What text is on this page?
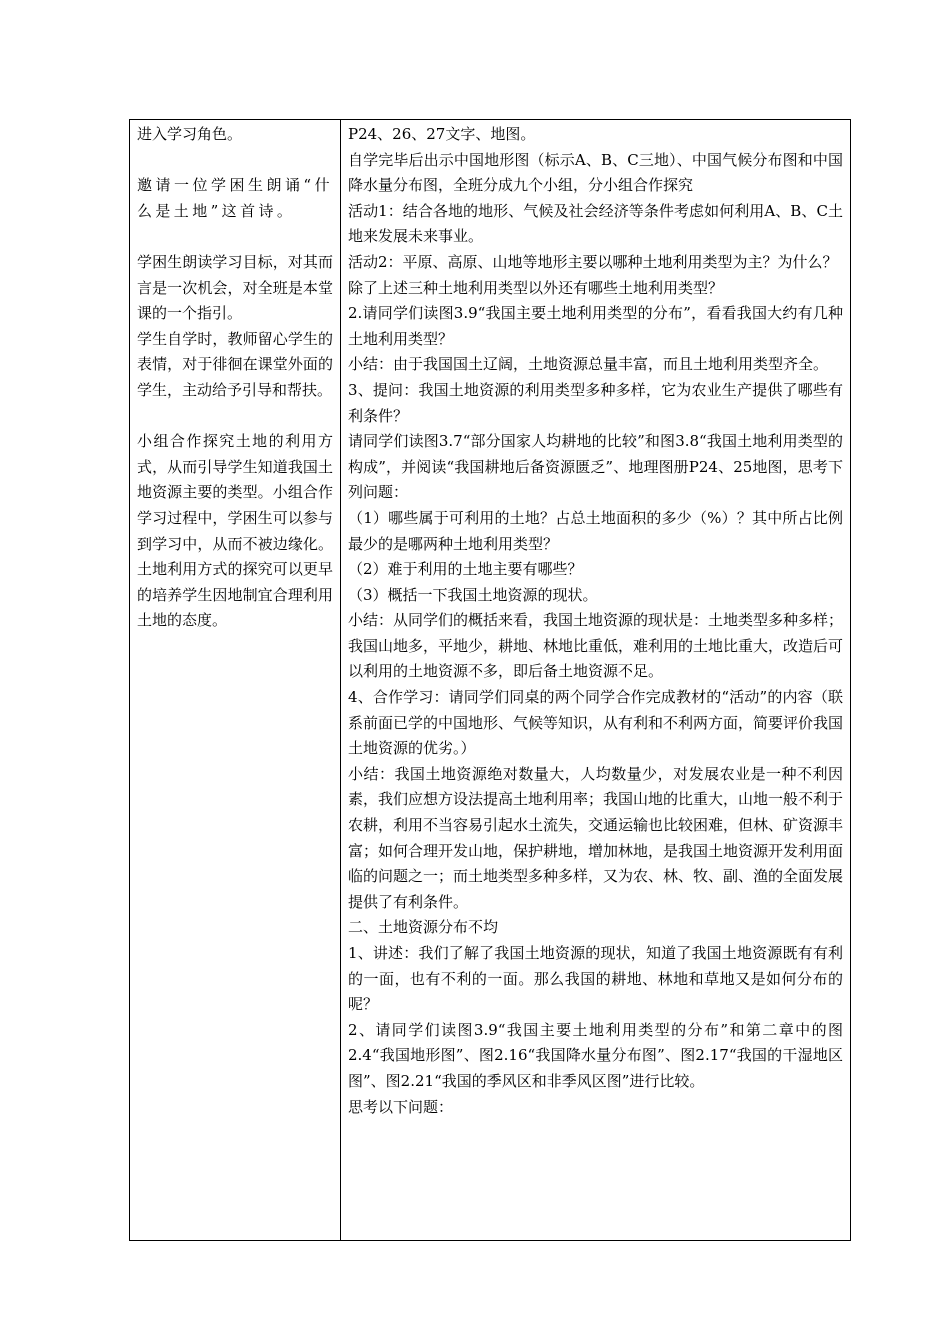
进入学习角色。

邀请一位学困生朗诵“什么是土地”这首诗。

学困生朗读学习目标，对其而言是一次机会，对全班是本堂课的一个指引。

学生自学时，教师留心学生的表情，对于徘徊在课堂外面的学生，主动给予引导和帮扶。

小组合作探究土地的利用方式，从而引导学生知道我国土地资源主要的类型。小组合作学习过程中，学困生可以参与到学习中，从而不被边缘化。土地利用方式的探究可以更早的培养学生因地制宜合理利用土地的态度。

P24、26、27文字、地图。

自学完毕后出示中国地形图（标示A、B、C三地）、中国气候分布图和中国降水量分布图，全班分成九个小组，分小组合作探究

活动1：结合各地的地形、气候及社会经济等条件考虑如何利用A、B、C土地来发展未来事业。

活动2：平原、高原、山地等地形主要以哪种土地利用类型为主？为什么？

除了上述三种土地利用类型以外还有哪些土地利用类型？

2.请同学们读图3.9“我国主要土地利用类型的分布”，看看我国大约有几种土地利用类型？

小结：由于我国国土辽阔，土地资源总量丰富，而且土地利用类型齐全。

3、提问：我国土地资源的利用类型多种多样，它为农业生产提供了哪些有利条件？

请同学们读图3.7“部分国家人均耕地的比较”和图3.8“我国土地利用类型的构成”，并阅读“我国耕地后备资源匮乏”、地理图册P24、25地图，思考下列问题：

（1）哪些属于可利用的土地？占总土地面积的多少（%）？其中所占比例最少的是哪两种土地利用类型？

（2）难于利用的土地主要有哪些？

（3）概括一下我国土地资源的现状。

小结：从同学们的概括来看，我国土地资源的现状是：土地类型多种多样；我国山地多，平地少，耕地、林地比重低，难利用的土地比重大，改造后可以利用的土地资源不多，即后备土地资源不足。

4、合作学习：请同学们同桌的两个同学合作完成教材的“活动”的内容（联系前面已学的中国地形、气候等知识，从有利和不利两方面，简要评价我国土地资源的优劣。）

小结：我国土地资源绝对数量大，人均数量少，对发展农业是一种不利因素，我们应想方设法提高土地利用率；我国山地的比重大，山地一般不利于农耕，利用不当容易引起水土流失，交通运输也比较困难，但林、矿资源丰富；如何合理开发山地，保护耕地，增加林地，是我国土地资源开发利用面临的问题之一；而土地类型多种多样，又为农、林、牧、副、渔的全面发展提供了有利条件。

二、土地资源分布不均

1、讲述：我们了解了我国土地资源的现状，知道了我国土地资源既有有利的一面，也有不利的一面。那么我国的耕地、林地和草地又是如何分布的呢？

2、请同学们读图3.9“我国主要土地利用类型的分布”和第二章中的图2.4“我国地形图”、图2.16“我国降水量分布图”、图2.17“我国的干湿地区图”、图2.21“我国的季风区和非季风区图”进行比较。

思考以下问题：
